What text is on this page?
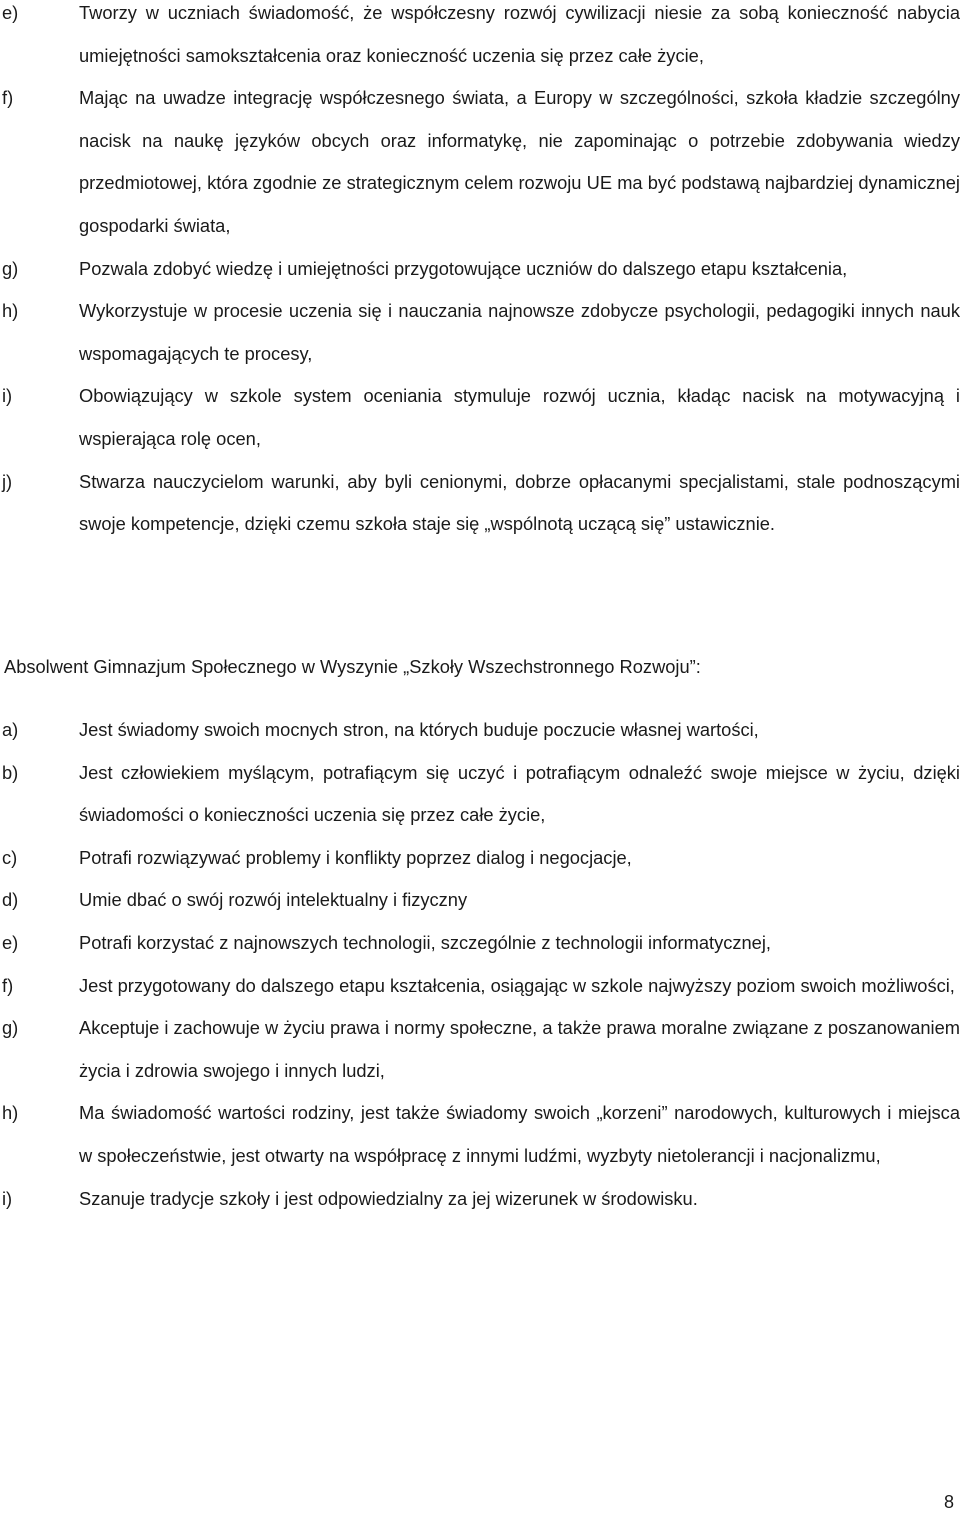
e)	Tworzy w uczniach świadomość, że współczesny rozwój cywilizacji niesie za sobą konieczność nabycia umiejętności samokształcenia oraz konieczność uczenia się przez całe życie,
f)	Mając na uwadze integrację współczesnego świata, a Europy w szczególności, szkoła kładzie szczególny nacisk na naukę języków obcych oraz informatykę, nie zapominając o potrzebie zdobywania wiedzy przedmiotowej, która zgodnie ze strategicznym celem rozwoju UE ma być podstawą najbardziej dynamicznej gospodarki świata,
g)	Pozwala zdobyć wiedzę i umiejętności przygotowujące uczniów do dalszego etapu kształcenia,
h)	Wykorzystuje w procesie uczenia się i nauczania najnowsze zdobycze psychologii, pedagogiki innych nauk wspomagających te procesy,
i)	Obowiązujący w szkole system oceniania stymuluje rozwój ucznia, kładąc nacisk na motywacyjną i wspierająca rolę ocen,
j)	Stwarza nauczycielom warunki, aby byli cenionymi, dobrze opłacanymi specjalistami, stale podnoszącymi swoje kompetencje, dzięki czemu szkoła staje się „wspólnotą uczącą się” ustawicznie.
Absolwent Gimnazjum Społecznego w Wyszynie „Szkoły Wszechstronnego Rozwoju”:
a)	Jest świadomy swoich mocnych stron, na których buduje poczucie własnej wartości,
b)	Jest człowiekiem myślącym, potrafiącym się uczyć i potrafiącym odnaleźć swoje miejsce w życiu, dzięki świadomości o konieczności uczenia się przez całe życie,
c)	Potrafi rozwiązywać problemy i konflikty poprzez dialog i negocjacje,
d)	Umie dbać o swój rozwój intelektualny i fizyczny
e)	Potrafi korzystać z najnowszych technologii, szczególnie z technologii informatycznej,
f)	Jest przygotowany do dalszego etapu kształcenia, osiągając w szkole najwyższy poziom swoich możliwości,
g)	Akceptuje i zachowuje w życiu prawa i normy społeczne, a także prawa moralne związane z poszanowaniem życia i zdrowia swojego i innych ludzi,
h)	Ma świadomość wartości rodziny, jest także świadomy swoich „korzeni” narodowych, kulturowych i miejsca w społeczeństwie, jest otwarty na współpracę z innymi ludźmi, wyzbyty nietolerancji i nacjonalizmu,
i)	Szanuje tradycje szkoły i jest odpowiedzialny za jej wizerunek w środowisku.
8
